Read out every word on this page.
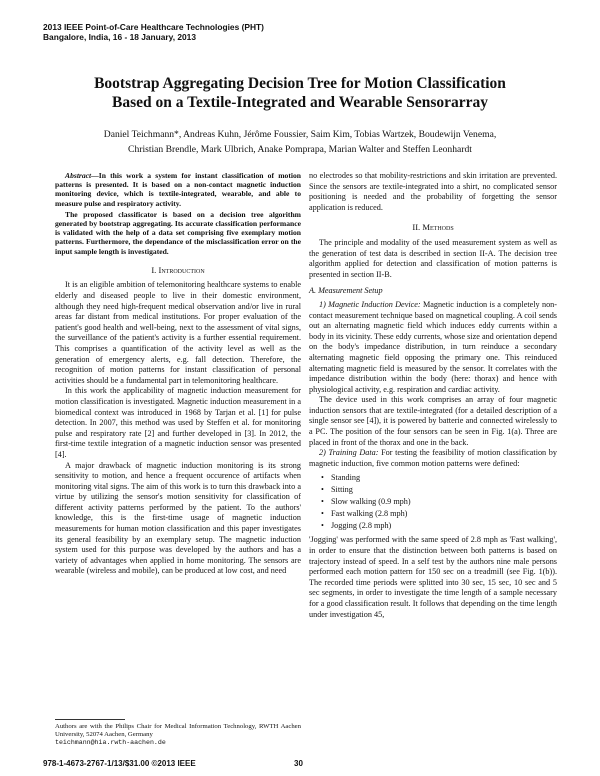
2013 IEEE Point-of-Care Healthcare Technologies (PHT)
Bangalore, India, 16 - 18 January, 2013
Bootstrap Aggregating Decision Tree for Motion Classification
Based on a Textile-Integrated and Wearable Sensorarray
Daniel Teichmann*, Andreas Kuhn, Jérôme Foussier, Saim Kim, Tobias Wartzek, Boudewijn Venema,
Christian Brendle, Mark Ulbrich, Anake Pomprapa, Marian Walter and Steffen Leonhardt

Abstract—In this work a system for instant classification of motion patterns is presented. It is based on a non-contact magnetic induction monitoring device, which is textile-integrated, wearable, and able to measure pulse and respiratory activity.

The proposed classificator is based on a decision tree algorithm generated by bootstrap aggregating. Its accurate classification performance is validated with the help of a data set comprising five exemplary motion patterns. Furthermore, the dependance of the misclassification error on the input sample length is investigated.

I. Introduction

It is an eligible ambition of telemonitoring healthcare systems to enable elderly and diseased people to live in their domestic environment, although they need high-frequent medical observation and/or live in rural areas far distant from medical institutions. For proper evaluation of the patient's good health and well-being, next to the assessment of vital signs, the surveillance of the patient's activity is a further essential requirement. This comprises a quantification of the activity level as well as the generation of emergency alerts, e.g. fall detection. Therefore, the recognition of motion patterns for instant classification of personal activities should be a fundamental part in telemonitoring healthcare.

In this work the applicability of magnetic induction measurement for motion classification is investigated. Magnetic induction measurement in a biomedical context was introduced in 1968 by Tarjan et al. [1] for pulse detection. In 2007, this method was used by Steffen et al. for monitoring pulse and respiratory rate [2] and further developed in [3]. In 2012, the first-time textile integration of a magnetic induction sensor was presented [4].

A major drawback of magnetic induction monitoring is its strong sensitivity to motion, and hence a frequent occurence of artifacts when monitoring vital signs. The aim of this work is to turn this drawback into a virtue by utilizing the sensor's motion sensitivity for classification of different activity patterns performed by the patient. To the authors' knowledge, this is the first-time usage of magnetic induction measurements for human motion classification and this paper investigates its general feasibility by an exemplary setup. The magnetic induction system used for this purpose was developed by the authors and has a variety of advantages when applied in home monitoring. The sensors are wearable (wireless and mobile), can be produced at low cost, and need

Authors are with the Philips Chair for Medical Information Technology, RWTH Aachen University, 52074 Aachen, Germany
teichmann@hia.rwth-aachen.de

no electrodes so that mobility-restrictions and skin irritation are prevented. Since the sensors are textile-integrated into a shirt, no complicated sensor positioning is needed and the probability of forgetting the sensor application is reduced.

II. Methods

The principle and modality of the used measurement system as well as the generation of test data is described in section II-A. The decision tree algorithm applied for detection and classification of motion patterns is presented in section II-B.

A. Measurement Setup

1) Magnetic Induction Device: Magnetic induction is a completely non-contact measurement technique based on magnetical coupling. A coil sends out an alternating magnetic field which induces eddy currents within a body in its vicinity. These eddy currents, whose size and orientation depend on the body's impedance distribution, in turn reinduce a secondary alternating magnetic field opposing the primary one. This reinduced alternating magnetic field is measured by the sensor. It correlates with the impedance distribution within the body (here: thorax) and hence with physiological activity, e.g. respiration and cardiac activity.

The device used in this work comprises an array of four magnetic induction sensors that are textile-integrated (for a detailed description of a single sensor see [4]), it is powered by batterie and connected wirelessly to a PC. The position of the four sensors can be seen in Fig. 1(a). Three are placed in front of the thorax and one in the back.

2) Training Data: For testing the feasibility of motion classification by magnetic induction, five common motion patterns were defined:

• Standing
• Sitting
• Slow walking (0.9 mph)
• Fast walking (2.8 mph)
• Jogging (2.8 mph)

'Jogging' was performed with the same speed of 2.8 mph as 'Fast walking', in order to ensure that the distinction between both patterns is based on trajectory instead of speed. In a self test by the authors nine male persons performed each motion pattern for 150 sec on a treadmill (see Fig. 1(b)). The recorded time periods were splitted into 30 sec, 15 sec, 10 sec and 5 sec segments, in order to investigate the time length of a sample necessary for a good classification result. It follows that depending on the time length under investigation 45,

978-1-4673-2767-1/13/$31.00 ©2013 IEEE	30
